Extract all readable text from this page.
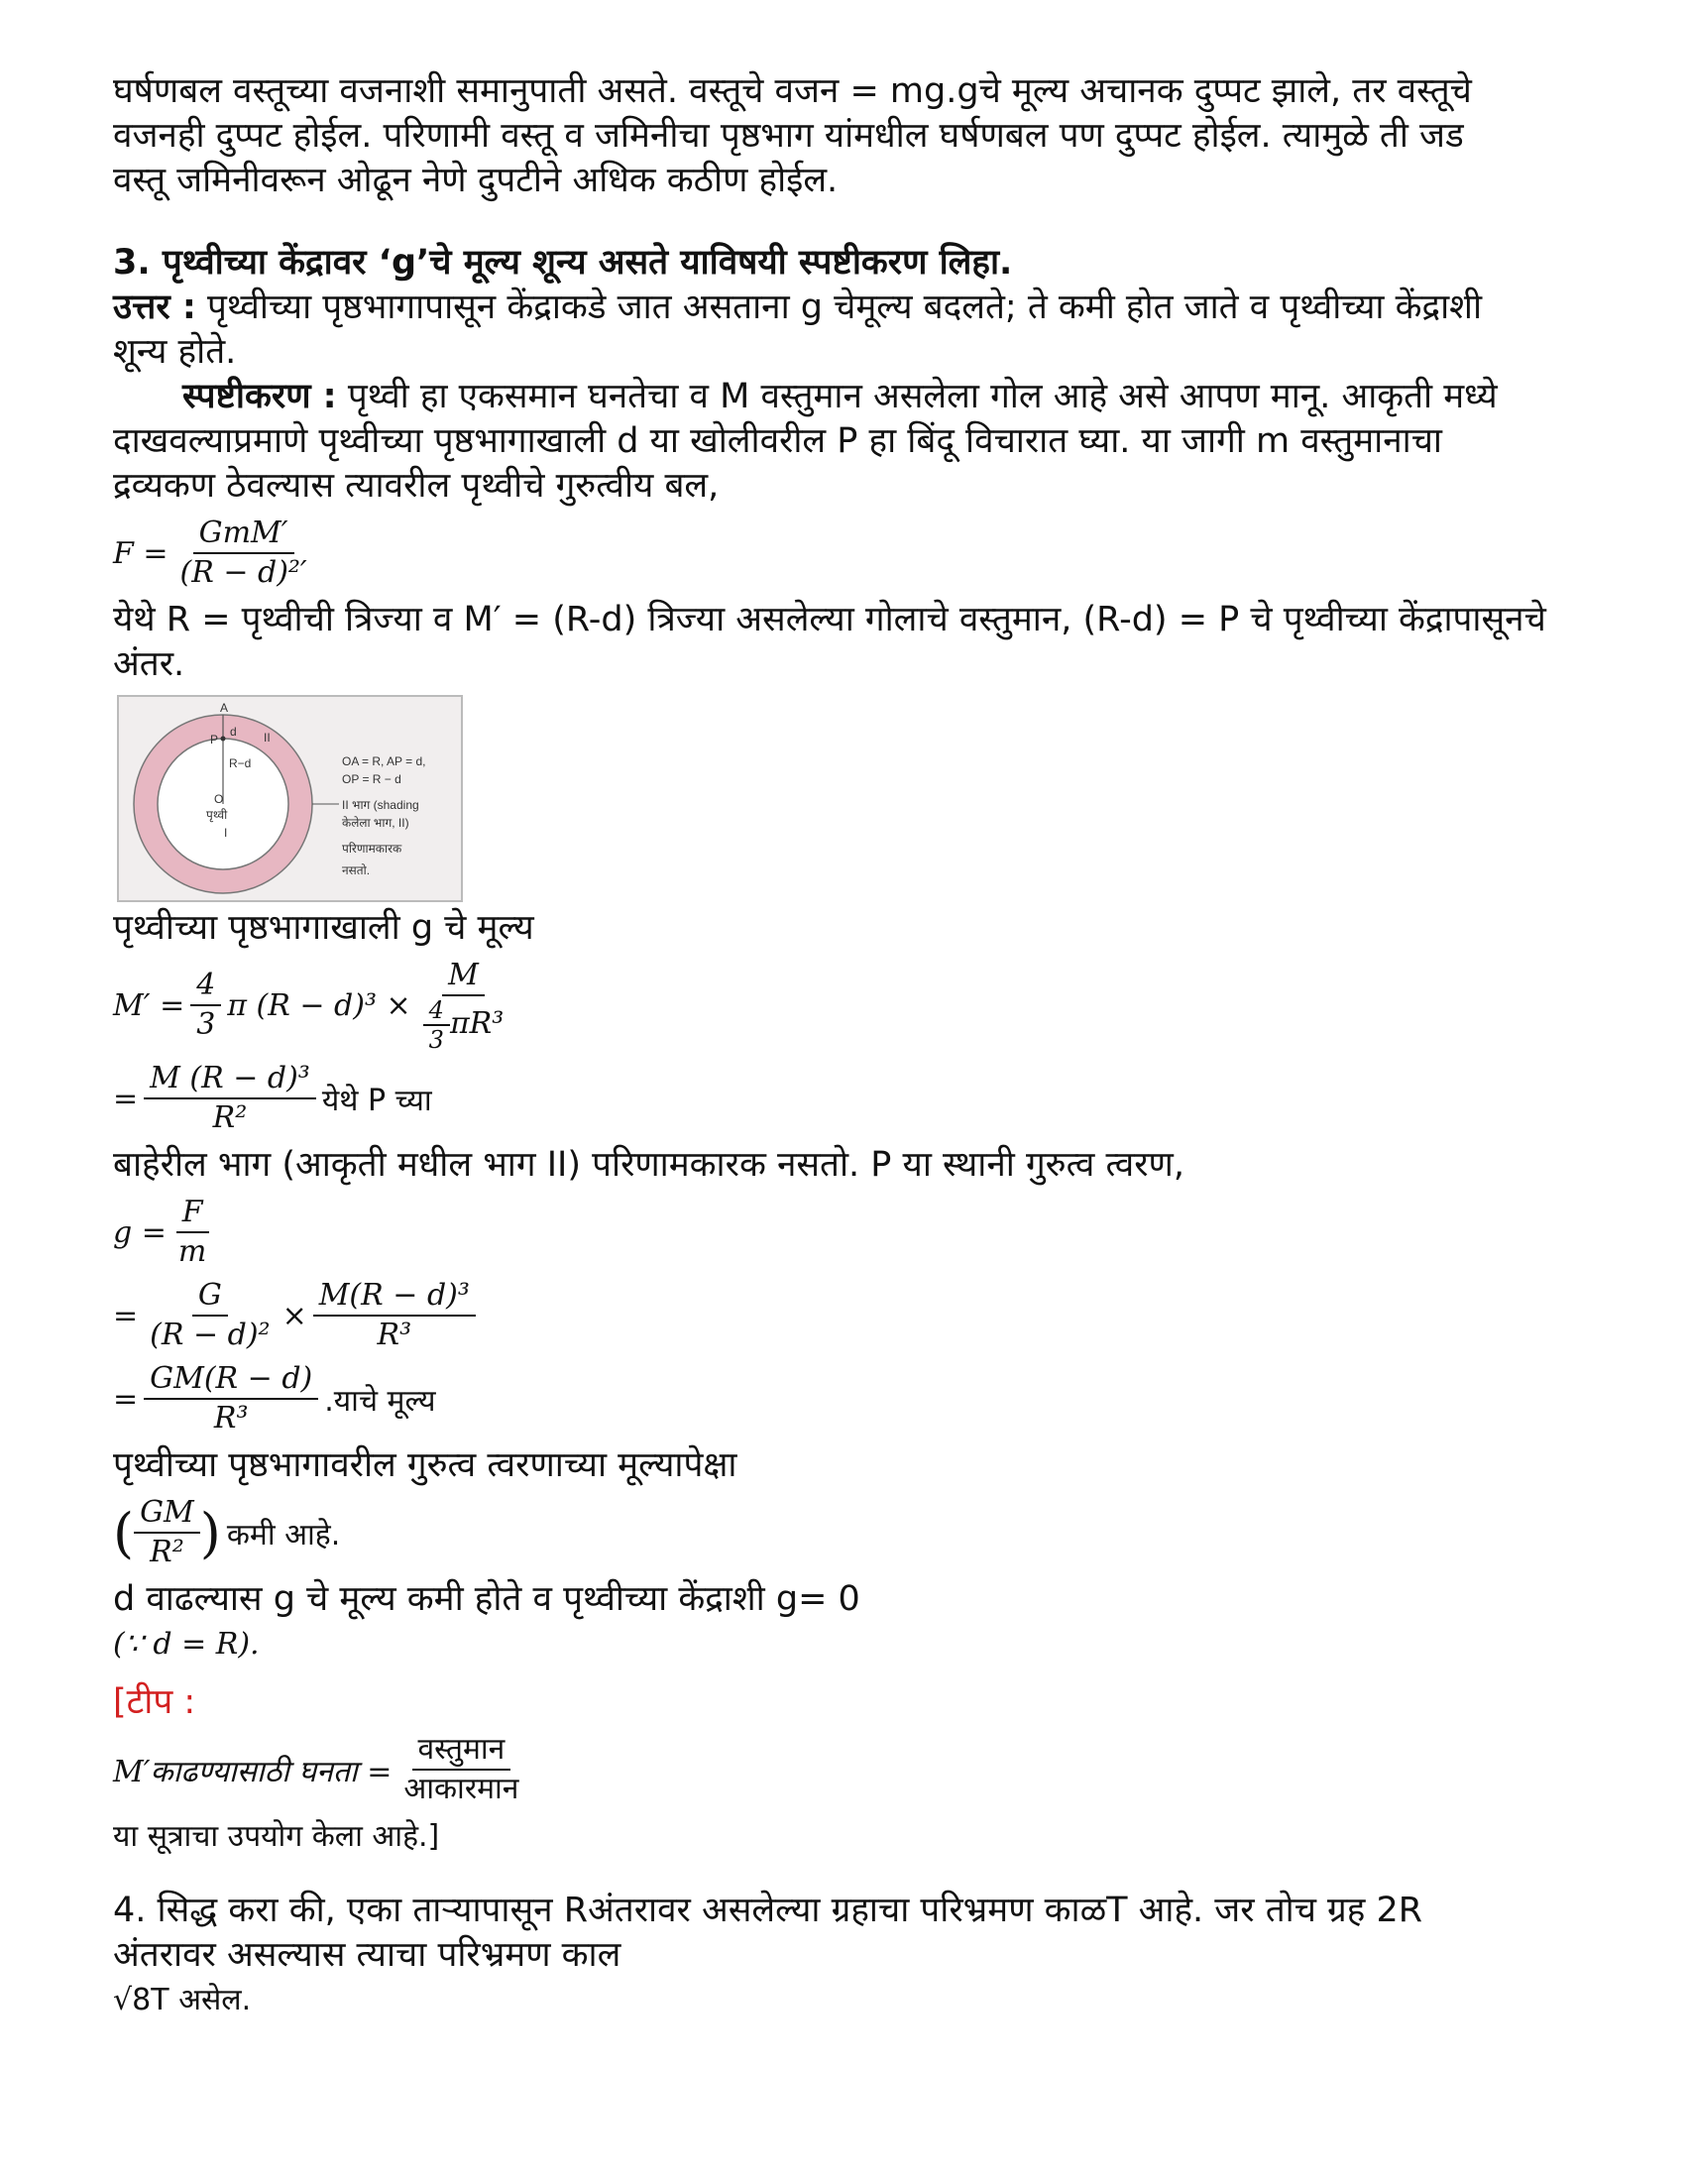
घर्षणबल वस्तूच्या वजनाशी समानुपाती असते. वस्तूचे वजन = mg.gचे मूल्य अचानक दुप्पट झाले, तर वस्तूचे

वजनही दुप्पट होईल. परिणामी वस्तू व जमिनीचा पृष्ठभाग यांमधील घर्षणबल पण दुप्पट होईल. त्यामुळे ती जड

वस्तू जमिनीवरून ओढून नेणे दुपटीने अधिक कठीण होईल.

3. पृथ्वीच्या केंद्रावर ‘g’चे मूल्य शून्य असते याविषयी स्पष्टीकरण लिहा.

उत्तर : पृथ्वीच्या पृष्ठभागापासून केंद्राकडे जात असताना g चेमूल्य बदलते; ते कमी होत जाते व पृथ्वीच्या केंद्राशी

शून्य होते.

स्पष्टीकरण : पृथ्वी हा एकसमान घनतेचा व M वस्तुमान असलेला गोल आहे असे आपण मानू. आकृती मध्ये

दाखवल्याप्रमाणे पृथ्वीच्या पृष्ठभागाखाली d या खोलीवरील P हा बिंदू विचारात घ्या. या जागी m वस्तुमानाचा

द्रव्यकण ठेवल्यास त्यावरील पृथ्वीचे गुरुत्वीय बल,

$F = \frac{\text{GmM′}}{\text{(R − d)²′}}$

येथे R = पृथ्वीची त्रिज्या व M′ = (R-d) त्रिज्या असलेल्या गोलाचे वस्तुमान, (R-d) = P चे पृथ्वीच्या केंद्रापासूनचे

अंतर.

A
d
P
R−d
II
O
पृथ्वी
I
OA = R, AP = d,
OP = R − d
II भाग (shading
केलेला भाग, II)
परिणामकारक
नसतो.

पृथ्वीच्या पृष्ठभागाखाली g चे मूल्य

$M' = \frac{4}{3}$ π $(R - d)^3 \times \frac{M}{\frac{4}{3} \pi R^3}$
= $\frac{\text{M (R − d)³}}{\text{R²}}$ येथे P च्या

बाहेरील भाग (आकृती मधील भाग II) परिणामकारक नसतो. P या स्थानी गुरुत्व त्वरण,

$g = \frac{F}{m}$
= $\frac{G}{\text{(R − d)²}} \times \frac{\text{M(R − d)³}}{\text{R³}}$
= $\frac{GM(R - d)}{\text{R³}}$ .याचे मूल्य

पृथ्वीच्या पृष्ठभागावरील गुरुत्व त्वरणाच्या मूल्यापेक्षा

( $\frac{GM}{\text{R²}}$ ) कमी आहे.

d वाढल्यास g चे मूल्य कमी होते व पृथ्वीच्या केंद्राशी g= 0

(∵ d = R).

[टीप :

M′काढण्यासाठी घनता = $\frac{\text{वस्तुमान}}{\text{आकारमान}}$

या सूत्राचा उपयोग केला आहे.]

4. सिद्ध करा की, एका ताऱ्यापासून Rअंतरावर असलेल्या ग्रहाचा परिभ्रमण काळT आहे. जर तोच ग्रह 2R

अंतरावर असल्यास त्याचा परिभ्रमण काल

√8T असेल.
